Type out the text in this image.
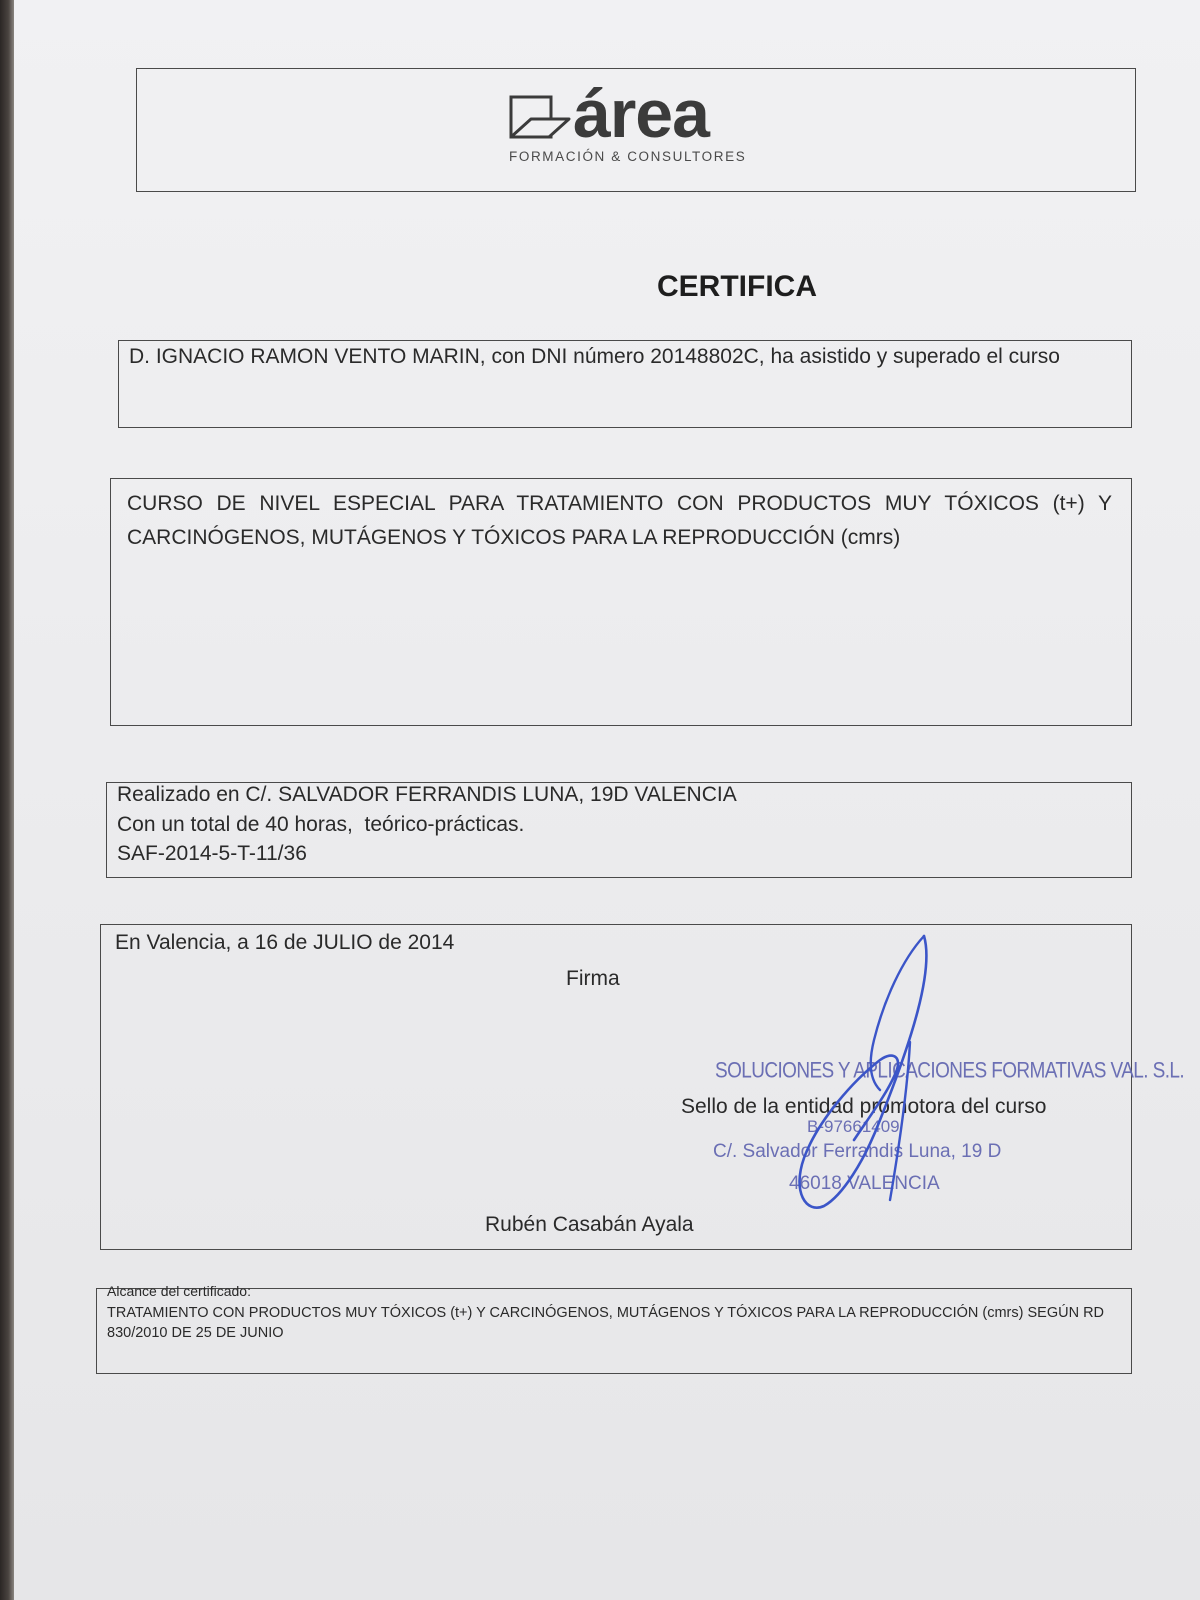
área
FORMACIÓN & CONSULTORES
CERTIFICA
D. IGNACIO RAMON VENTO MARIN, con DNI número 20148802C, ha asistido y superado el curso
CURSO DE NIVEL ESPECIAL PARA TRATAMIENTO CON PRODUCTOS MUY TÓXICOS (t+) Y CARCINÓGENOS, MUTÁGENOS Y TÓXICOS PARA LA REPRODUCCIÓN (cmrs)
Realizado en C/. SALVADOR FERRANDIS LUNA, 19D VALENCIA
Con un total de 40 horas,  teórico-prácticas.
SAF-2014-5-T-11/36
En Valencia, a 16 de JULIO de 2014
Firma
SOLUCIONES Y APLICACIONES FORMATIVAS VAL. S.L.
Sello de la entidad promotora del curso
B-97661409
C/. Salvador Ferrandis Luna, 19 D
46018 VALENCIA
Rubén Casabán Ayala
Alcance del certificado:
TRATAMIENTO CON PRODUCTOS MUY TÓXICOS (t+) Y CARCINÓGENOS, MUTÁGENOS Y TÓXICOS PARA LA REPRODUCCIÓN (cmrs) SEGÚN RD
830/2010 DE 25 DE JUNIO
